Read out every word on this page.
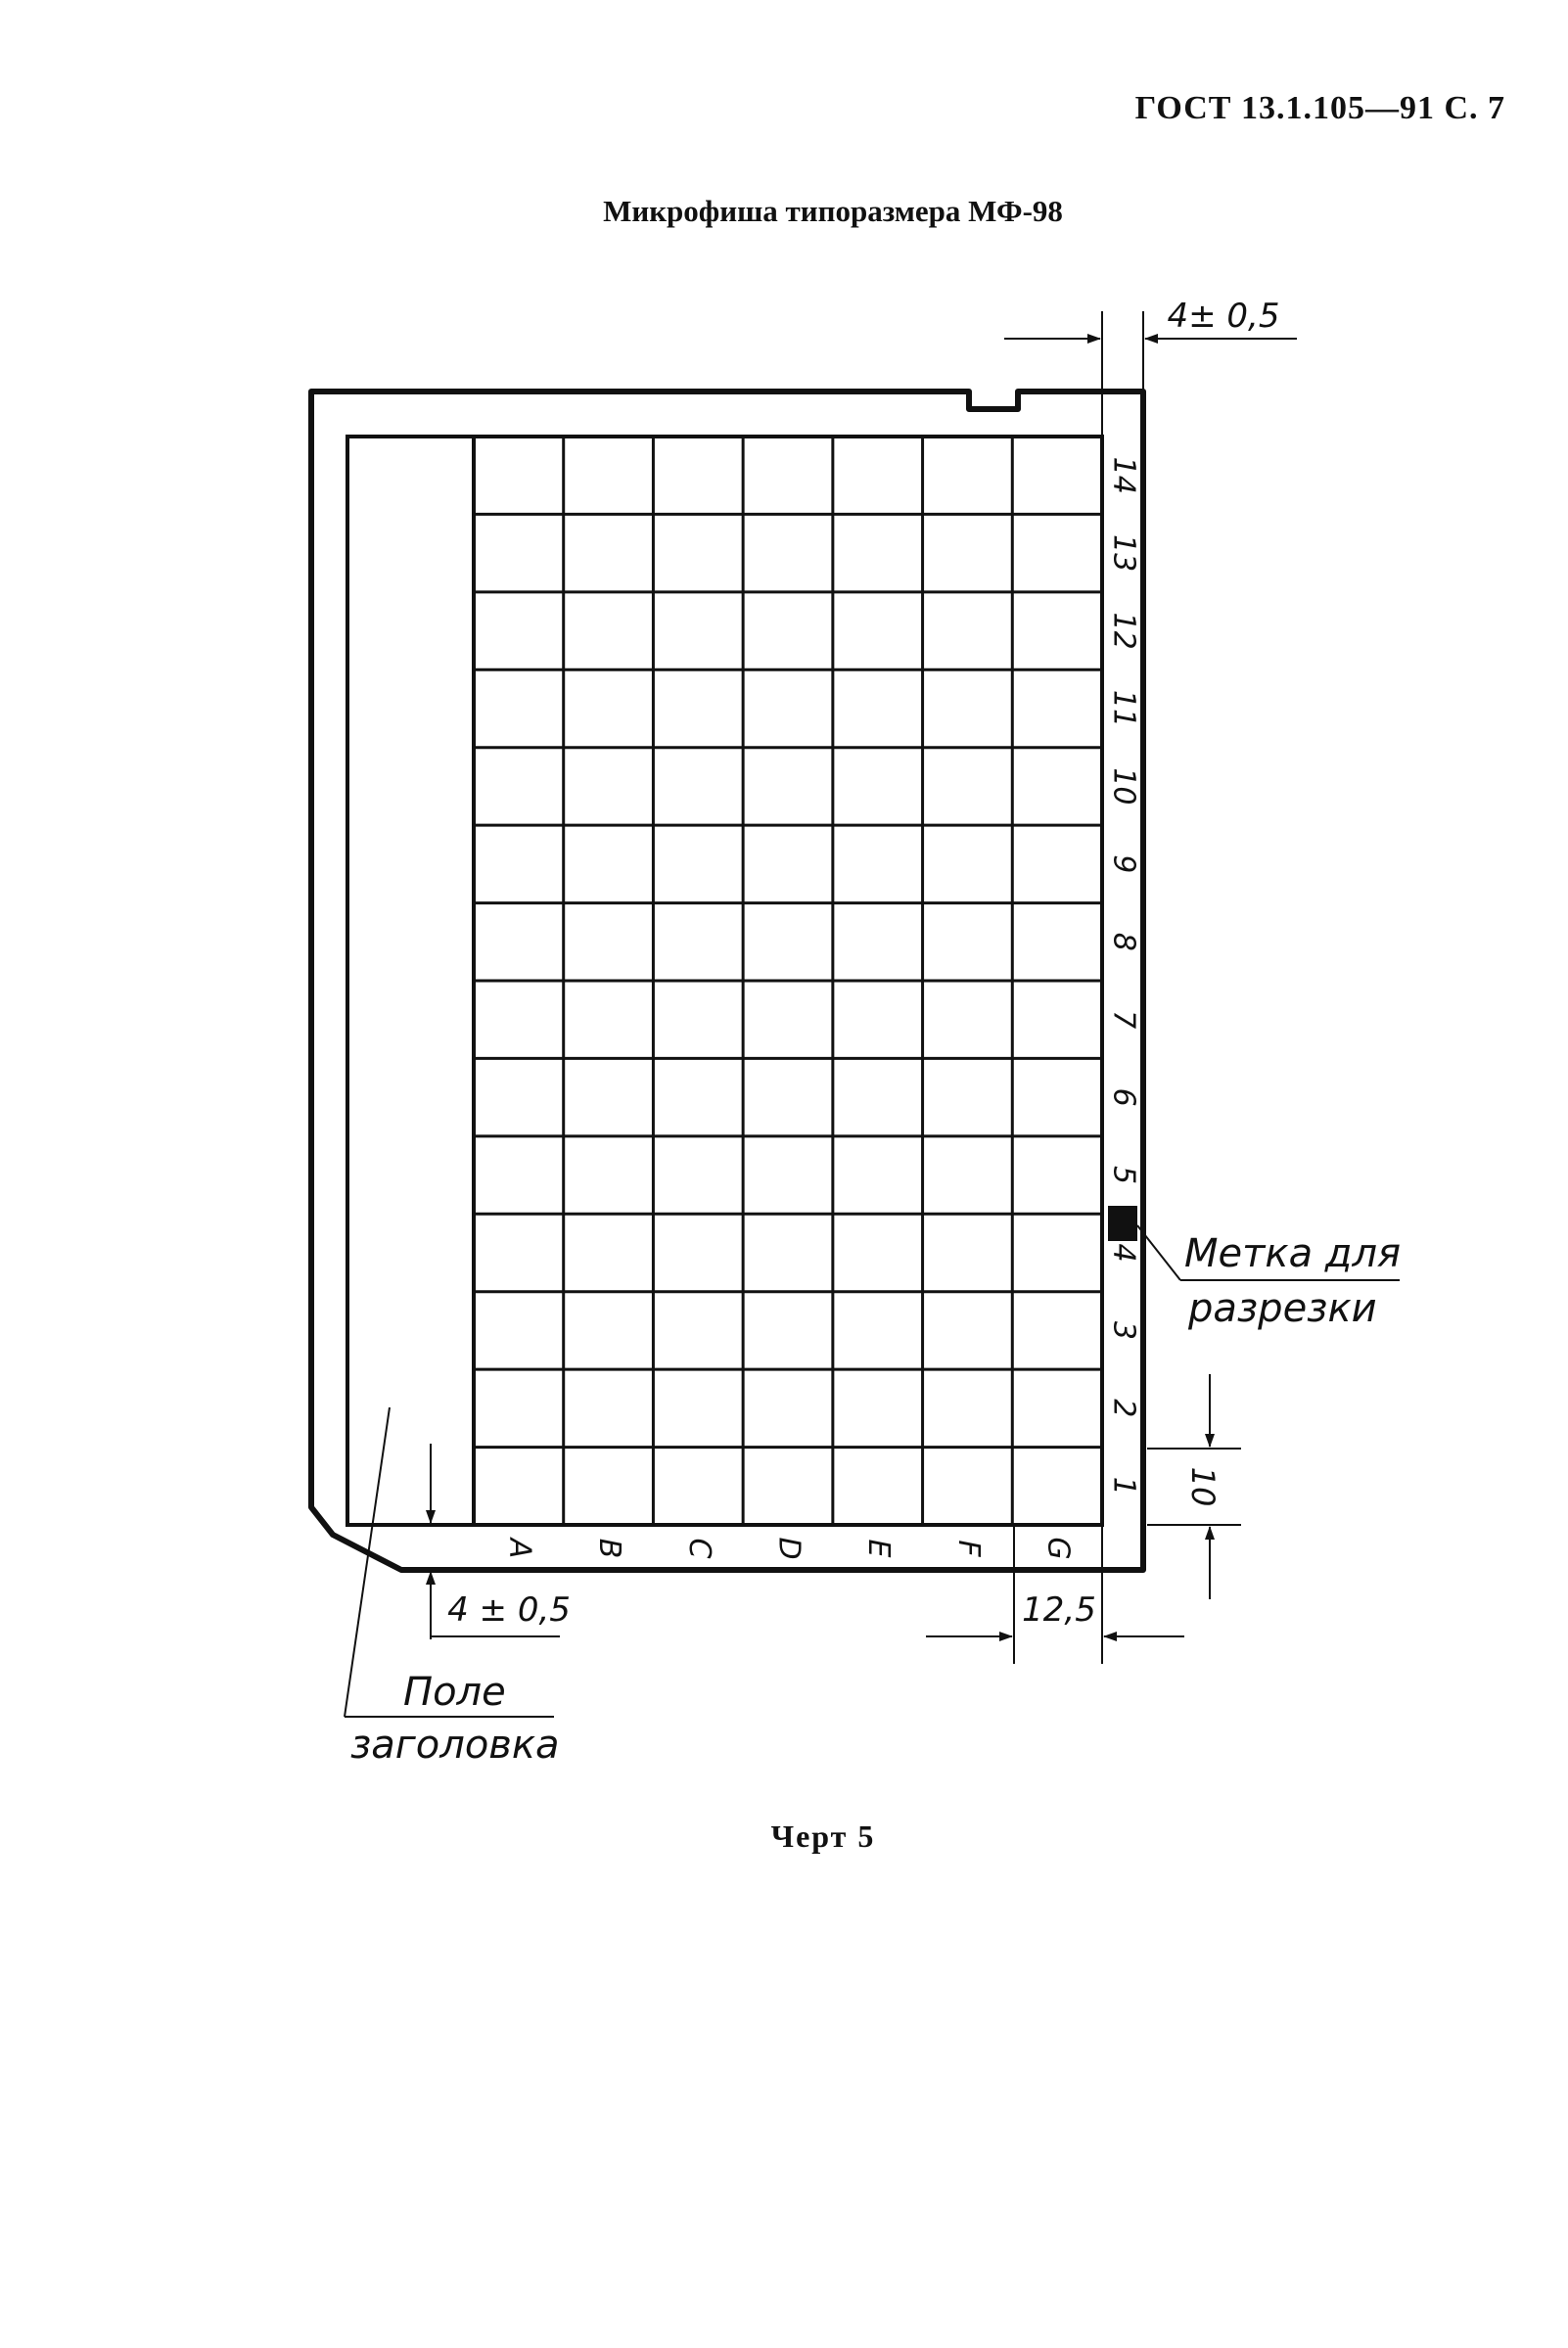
ГОСТ 13.1.105—91 С. 7
Микрофиша типоразмера МФ-98
A B C D E F G
1
2
3
4
5
6
7
8
9
10
11
12
13
14
4± 0,5
4 ± 0,5	12,5
10
Метка для
разрезки
Поле
заголовка
Черт 5
